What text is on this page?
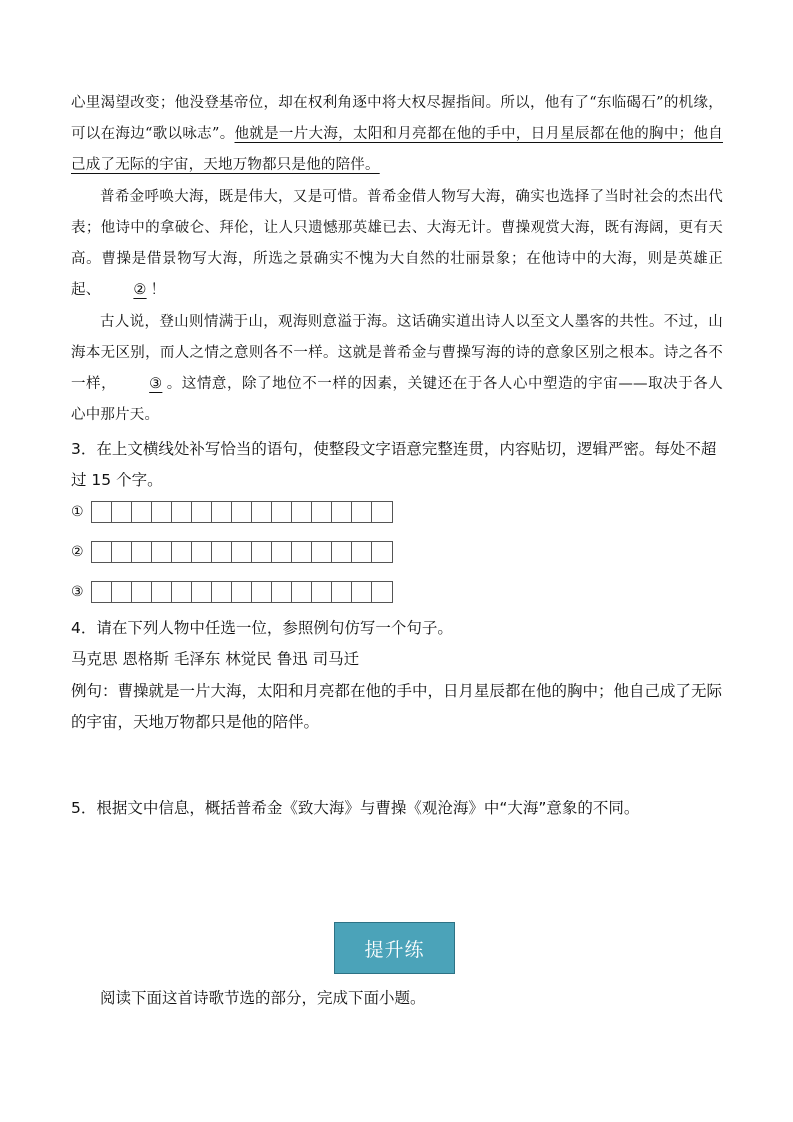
心里渴望改变；他没登基帝位，却在权利角逐中将大权尽握指间。所以，他有了“东临碣石”的机缘，可以在海边“歌以咏志”。他就是一片大海，太阳和月亮都在他的手中，日月星辰都在他的胸中；他自己成了无际的宇宙，天地万物都只是他的陪伴。
普希金呼唤大海，既是伟大，又是可惜。普希金借人物写大海，确实也选择了当时社会的杰出代表；他诗中的拿破仑、拜伦，让人只遗憾那英雄已去、大海无计。曹操观赏大海，既有海阔，更有天高。曹操是借景物写大海，所选之景确实不愧为大自然的壮丽景象；在他诗中的大海，则是英雄正起、 ② ！
古人说，登山则情满于山，观海则意溢于海。这话确实道出诗人以至文人墨客的共性。不过，山海本无区别，而人之情之意则各不一样。这就是普希金与曹操写海的诗的意象区别之根本。诗之各不一样， ③ 。这情意，除了地位不一样的因素，关键还在于各人心中塑造的宇宙——取决于各人心中那片天。
3．在上文横线处补写恰当的语句，使整段文字语意完整连贯，内容贴切，逻辑严密。每处不超过 15 个字。
①
②
③
4．请在下列人物中任选一位，参照例句仿写一个句子。
马克思 恩格斯 毛泽东 林觉民 鲁迅 司马迁
例句：曹操就是一片大海，太阳和月亮都在他的手中，日月星辰都在他的胸中；他自己成了无际的宇宙，天地万物都只是他的陪伴。
5．根据文中信息，概括普希金《致大海》与曹操《观沧海》中“大海”意象的不同。
提升练
阅读下面这首诗歌节选的部分，完成下面小题。
